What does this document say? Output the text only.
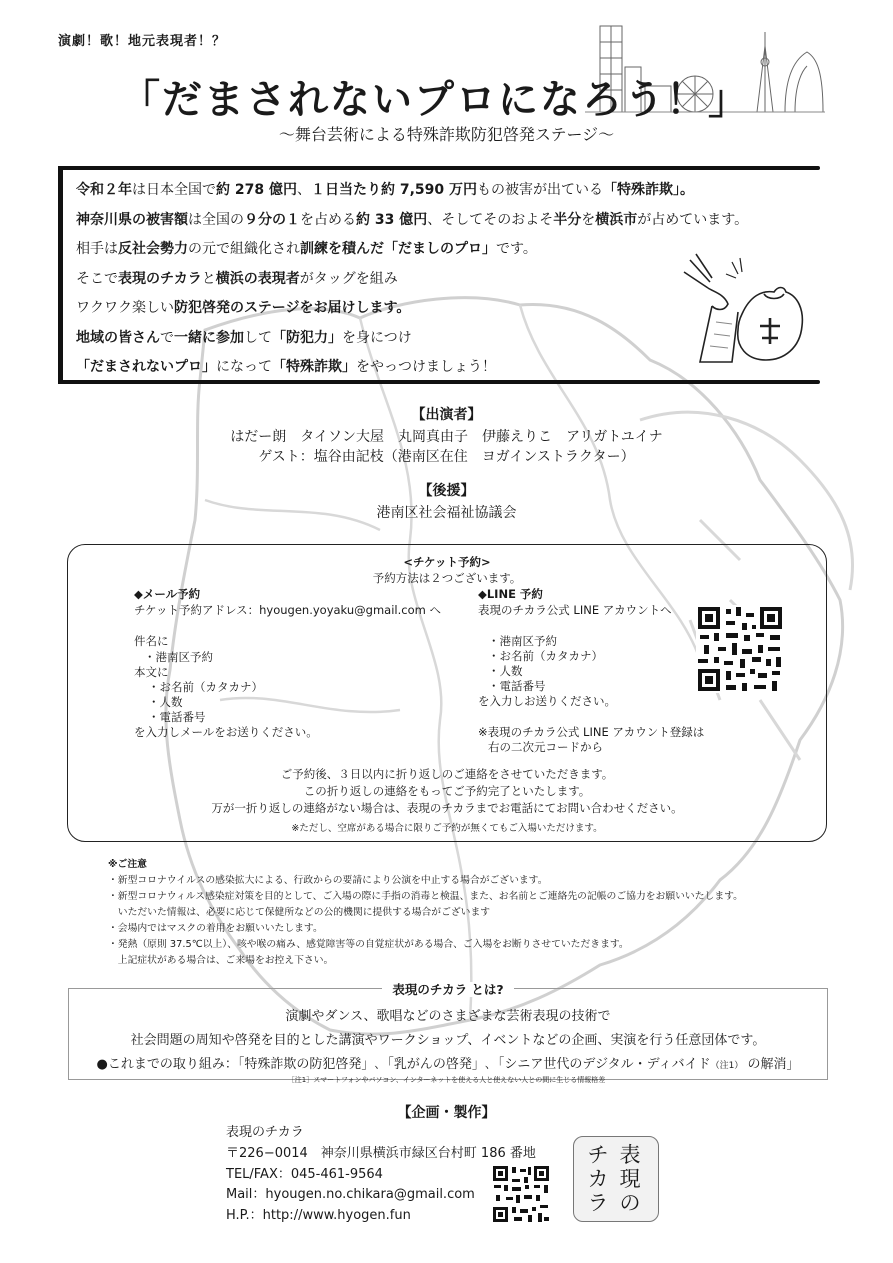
演劇！歌！地元表現者！？
「だまされないプロになろう！」
〜舞台芸術による特殊詐欺防犯啓発ステージ〜
令和２年は日本全国で約 278 億円、１日当たり約 7,590 万円もの被害が出ている「特殊詐欺」。
神奈川県の被害額は全国の９分の１を占める約 33 億円、そしてそのおよそ半分を横浜市が占めています。
相手は反社会勢力の元で組織化され訓練を積んだ「だましのプロ」です。
そこで表現のチカラと横浜の表現者がタッグを組み
ワクワク楽しい防犯啓発のステージをお届けします。
地域の皆さんで一緒に参加して「防犯力」を身につけ
「だまされないプロ」になって「特殊詐欺」をやっつけましょう！
【出演者】
はだー朗　タイソン大屋　丸岡真由子　伊藤えりこ　アリガトユイナ
ゲスト：塩谷由記枝（港南区在住　ヨガインストラクター）
【後援】
港南区社会福祉協議会
<チケット予約>
予約方法は２つございます。
◆メール予約
チケット予約アドレス：hyougen.yoyaku@gmail.com へ
件名に
・港南区予約
本文に
・お名前（カタカナ）
・人数
・電話番号
を入力しメールをお送りください。
◆LINE 予約
表現のチカラ公式 LINE アカウントへ
・港南区予約
・お名前（カタカナ）
・人数
・電話番号
を入力しお送りください。
※表現のチカラ公式 LINE アカウント登録は
右の二次元コードから
ご予約後、３日以内に折り返しのご連絡をさせていただきます。
この折り返しの連絡をもってご予約完了といたします。
万が一折り返しの連絡がない場合は、表現のチカラまでお電話にてお問い合わせください。
※ただし、空席がある場合に限りご予約が無くてもご入場いただけます。
※ご注意
・新型コロナウイルスの感染拡大による、行政からの要請により公演を中止する場合がございます。
・新型コロナウィルス感染症対策を目的として、ご入場の際に手指の消毒と検温、また、お名前とご連絡先の記帳のご協力をお願いいたします。
　いただいた情報は、必要に応じて保健所などの公的機関に提供する場合がございます
・会場内ではマスクの着用をお願いいたします。
・発熱（原則 37.5℃以上）、咳や喉の痛み、感覚障害等の自覚症状がある場合、ご入場をお断りさせていただきます。
　上記症状がある場合は、ご来場をお控え下さい。
表現のチカラ とは?
演劇やダンス、歌唱などのさまざまな芸術表現の技術で
社会問題の周知や啓発を目的とした講演やワークショップ、イベントなどの企画、実演を行う任意団体です。
●これまでの取り組み：「特殊詐欺の防犯啓発」､「乳がんの啓発」､「シニア世代のデジタル・ディバイド（注1） の解消」
［注1］スマートフォンやパソコン、インターネットを使える人と使えない人との間に生じる情報格差
【企画・製作】
表現のチカラ
〒226−0014　神奈川県横浜市緑区台村町 186 番地
TEL/FAX：045-461-9564
Mail：hyougen.no.chikara@gmail.com
H.P.：http://www.hyogen.fun
表
現
の
チ
カ
ラ
